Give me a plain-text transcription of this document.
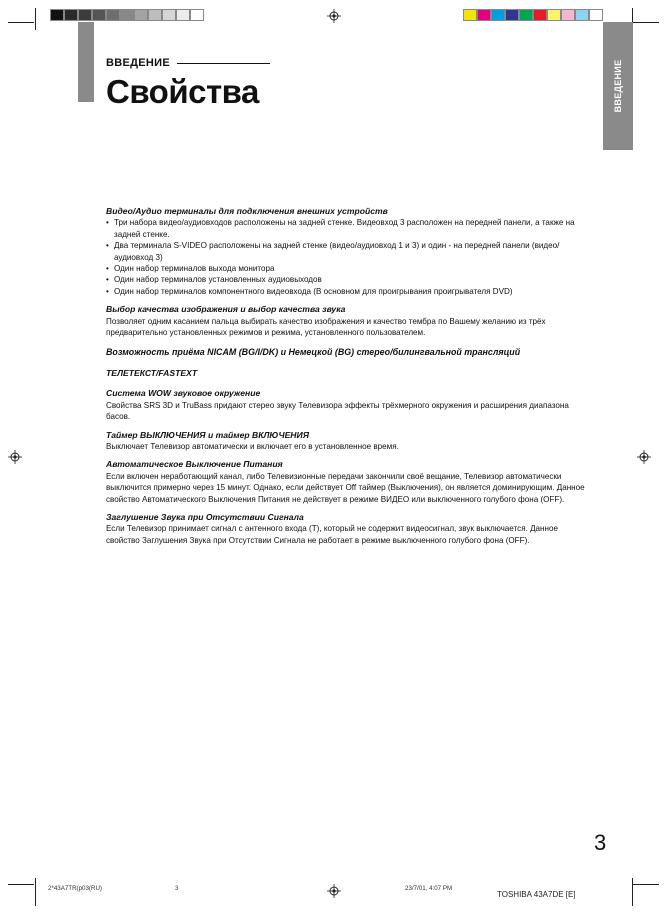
ВВЕДЕНИЕ
Свойства	ВВЕДЕНИЕ
Видео/Аудио терминалы для подключения внешних устройств
• Три набора видео/аудиовходов расположены на задней стенке. Видеовход 3 расположен на передней панели, а также на задней стенке.
• Два терминала S-VIDEO расположены на задней стенке (видео/аудиовход 1 и 3) и один - на передней панели (видео/аудиовход 3)
• Один набор терминалов выхода монитора
• Один набор терминалов установленных аудиовыходов
• Один набор терминалов компонентного видеовхода (В основном для проигрывания проигрывателя DVD)
Выбор качества изображения и выбор качества звука

Позволяет одним касанием пальца выбирать качество изображения и качество тембра по Вашему желанию из трёх предварительно установленных режимов и режима, установленного пользователем.

Возможность приёма NICAM (BG/I/DK) и Немецкой (BG) стерео/билингвальной трансляций
ТЕЛЕТЕКСТ/FASTEXT
Система WOW звуковое окружение

Свойства SRS 3D и TruBass придают стерео звуку Телевизора эффекты трёхмерного окружения и расширения диапазона басов.

Таймер ВЫКЛЮЧЕНИЯ и таймер ВКЛЮЧЕНИЯ

Выключает Телевизор автоматически и включает его в установленное время.

Автоматическое Выключение Питания

Если включен неработающий канал, либо Телевизионные передачи закончили своё вещание, Телевизор автоматически выключится примерно через 15 минут. Однако, если действует Off таймер (Выключения), он является доминирующим. Данное свойство Автоматического Выключения Питания не действует в режиме ВИДЕО или выключенного голубого фона (OFF).

Заглушение Звука при Отсутствии Сигнала

Если Телевизор принимает сигнал с антенного входа (Т), который не содержит видеосигнал, звук выключается. Данное свойство Заглушения Звука при Отсутствии Сигнала не работает в режиме выключенного голубого фона (OFF).

3
2*43A7TR(p03(RU)	3	23/7/01, 4:07 PM
TOSHIBA 43A7DE [E]
